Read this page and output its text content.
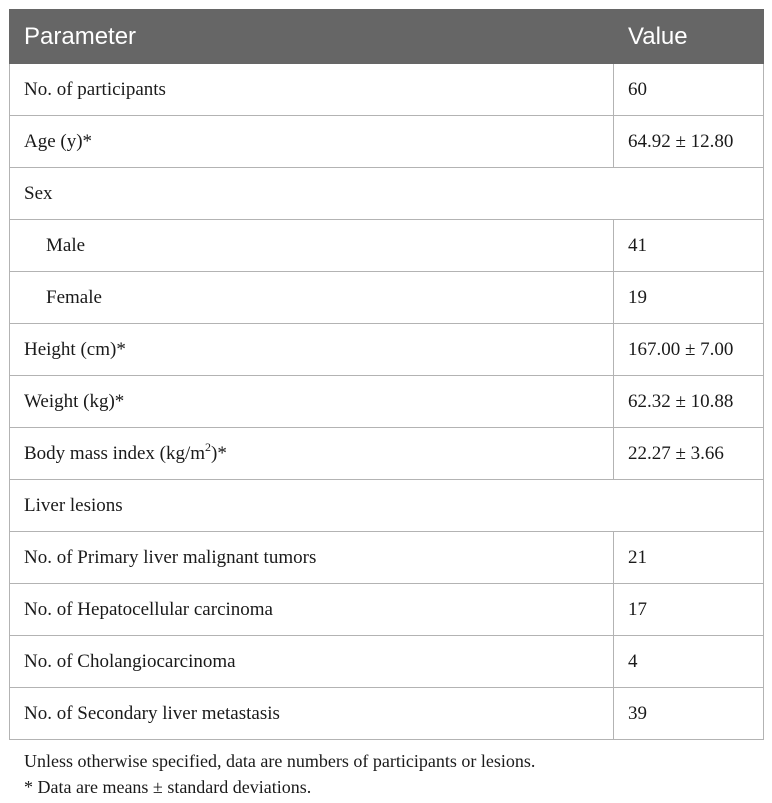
Parameter	Value
No. of participants	60
Age (y)*	64.92 ± 12.80
Sex	
Male	41
Female	19
Height (cm)*	167.00 ± 7.00
Weight (kg)*	62.32 ± 10.88
Body mass index $(kg/m^2)*$	22.27 ± 3.66
Liver lesions	
No. of Primary liver malignant tumors	21
No. of Hepatocellular carcinoma	17
No. of Cholangiocarcinoma	4
No. of Secondary liver metastasis	39
Unless otherwise specified, data are numbers of participants or lesions.
* Data are means ± standard deviations.
